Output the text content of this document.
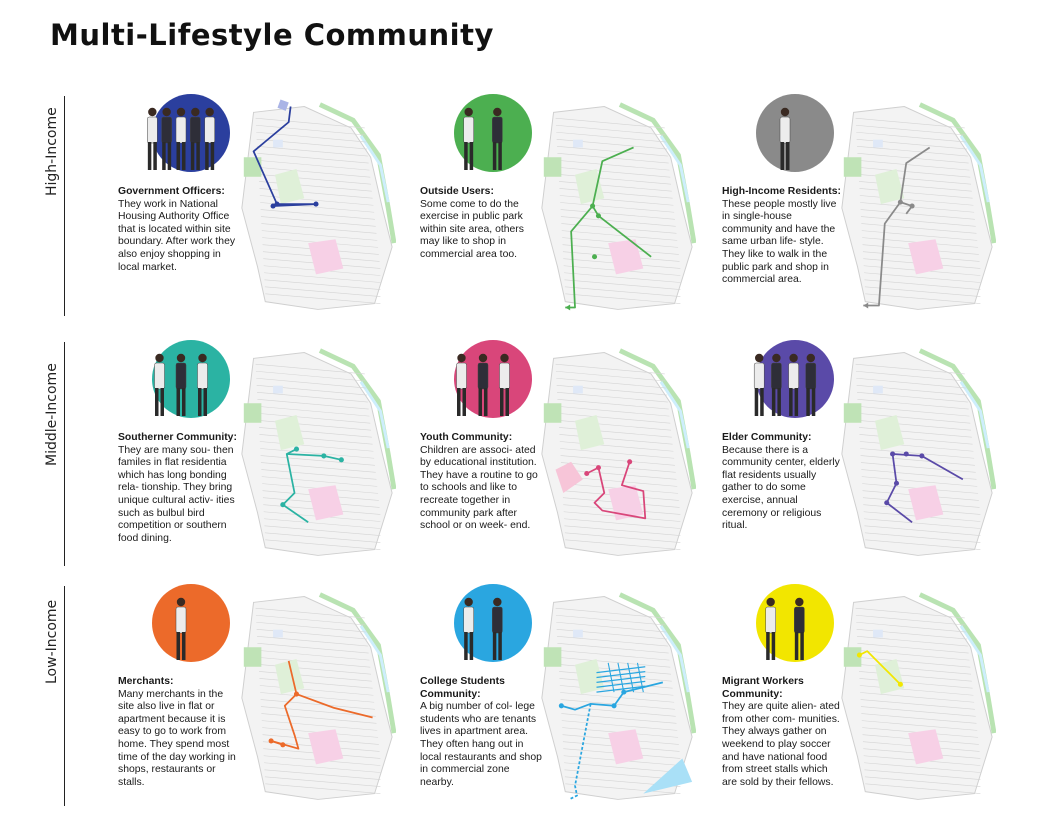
Multi-Lifestyle Community
High-Income	Government Officers:
They work in National Housing Authority Office that is located within site boundary. After work they also enjoy shopping in local market.
Outside Users:
Some come to do the exercise in public park within site area, others may like to shop in commercial area too.
High-Income Residents:
These people mostly live in single-house community and have the same urban life- style. They like to walk in the public park and shop in commercial area.
Middle-Income	Southerner Community:
They are many sou- then familes in flat residentia which has long bonding rela- tionship. They bring unique cultural activ- ities such as bulbul bird competition or southern food dining.
Youth Community:
Children are associ- ated by educational institution. They have a routine to go to schools and like to recreate together in community park after school or on week- end.
Elder Community:
Because there is a community center, elderly flat residents usually gather to do some exercise, annual ceremony or religious ritual.
Low-Income	Merchants:
Many merchants in the site also live in flat or apartment because it is easy to go to work from home. They spend most time of the day working in shops, restaurants or stalls.
College Students Community:
A big number of col- lege students who are tenants lives in apartment area. They often hang out in local restaurants and shop in commercial zone nearby.
Migrant Workers Community:
They are quite alien- ated from other com- munities. They always gather on weekend to play soccer and have national food from street stalls which are sold by their fellows.
